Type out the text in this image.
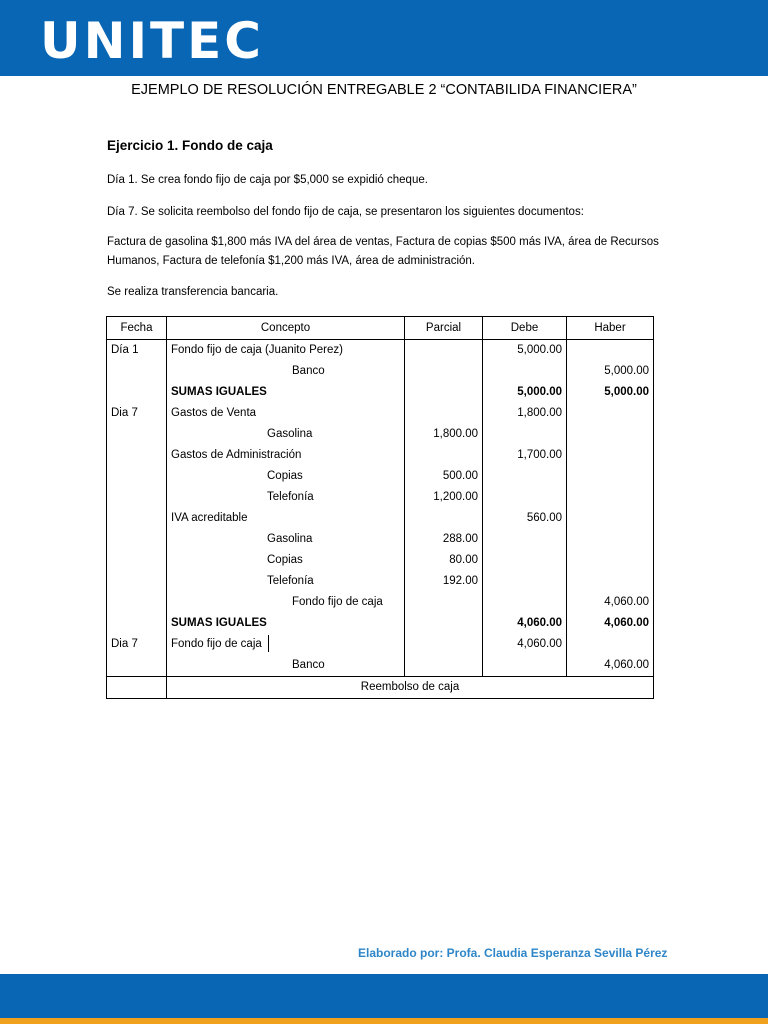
UNITEC
EJEMPLO DE RESOLUCIÓN ENTREGABLE 2 “CONTABILIDA FINANCIERA”
Ejercicio 1. Fondo de caja
Día 1. Se crea fondo fijo de caja por $5,000 se expidió cheque.
Día 7. Se solicita reembolso del fondo fijo de caja, se presentaron los siguientes documentos:
Factura de gasolina $1,800 más IVA del área de ventas, Factura de copias $500 más IVA, área de Recursos Humanos, Factura de telefonía $1,200 más IVA, área de administración.
Se realiza transferencia bancaria.
Fecha	Concepto	Parcial	Debe	Haber
Día 1	Fondo fijo de caja (Juanito Perez)		5,000.00	
	Banco			5,000.00
	SUMAS IGUALES		5,000.00	5,000.00
Dia 7	Gastos de Venta		1,800.00	
	Gasolina	1,800.00		
	Gastos de Administración		1,700.00	
	Copias	500.00		
	Telefonía	1,200.00		
	IVA acreditable		560.00	
	Gasolina	288.00		
	Copias	80.00		
	Telefonía	192.00		
	Fondo fijo de caja			4,060.00
	SUMAS IGUALES		4,060.00	4,060.00
Dia 7	Fondo fijo de caja		4,060.00	
	Banco			4,060.00
	Reembolso de caja			
Elaborado por: Profa. Claudia Esperanza Sevilla Pérez
